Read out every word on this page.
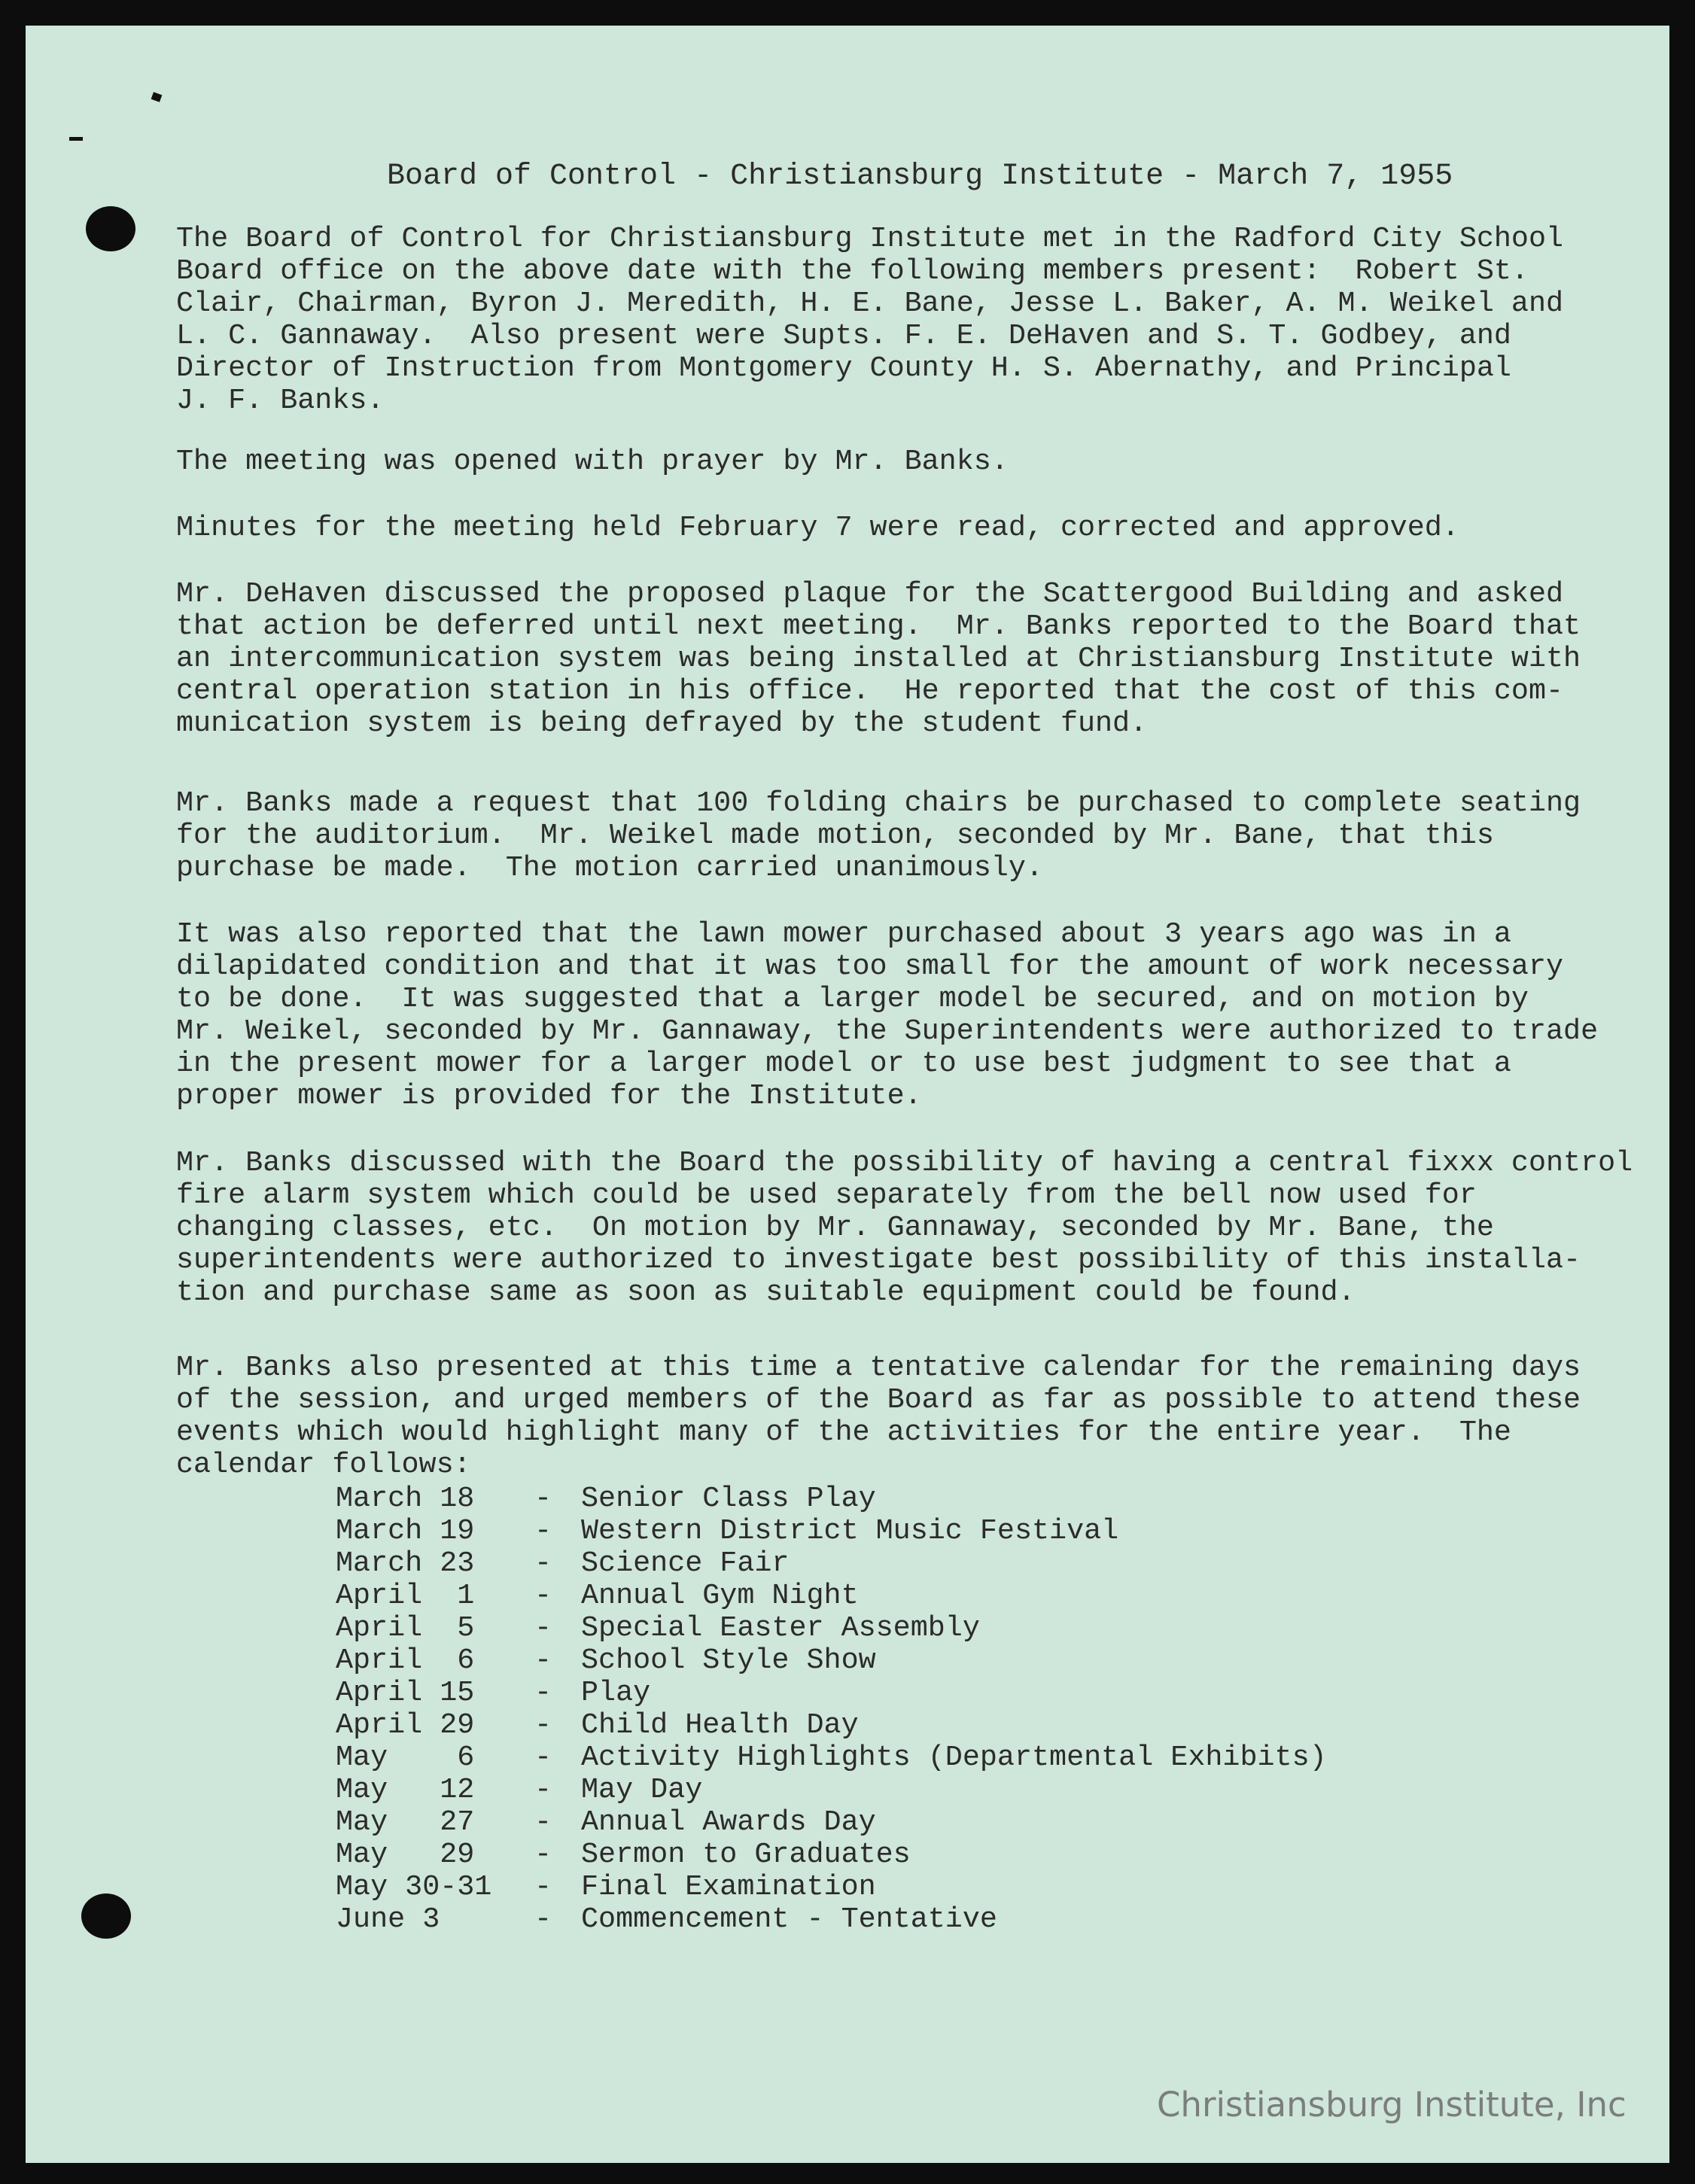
Board of Control - Christiansburg Institute - March 7, 1955
The Board of Control for Christiansburg Institute met in the Radford City School
Board office on the above date with the following members present:  Robert St.
Clair, Chairman, Byron J. Meredith, H. E. Bane, Jesse L. Baker, A. M. Weikel and
L. C. Gannaway.  Also present were Supts. F. E. DeHaven and S. T. Godbey, and
Director of Instruction from Montgomery County H. S. Abernathy, and Principal
J. F. Banks.
The meeting was opened with prayer by Mr. Banks.
Minutes for the meeting held February 7 were read, corrected and approved.
Mr. DeHaven discussed the proposed plaque for the Scattergood Building and asked
that action be deferred until next meeting.  Mr. Banks reported to the Board that
an intercommunication system was being installed at Christiansburg Institute with
central operation station in his office.  He reported that the cost of this com-
munication system is being defrayed by the student fund.
Mr. Banks made a request that 100 folding chairs be purchased to complete seating
for the auditorium.  Mr. Weikel made motion, seconded by Mr. Bane, that this
purchase be made.  The motion carried unanimously.
It was also reported that the lawn mower purchased about 3 years ago was in a
dilapidated condition and that it was too small for the amount of work necessary
to be done.  It was suggested that a larger model be secured, and on motion by
Mr. Weikel, seconded by Mr. Gannaway, the Superintendents were authorized to trade
in the present mower for a larger model or to use best judgment to see that a
proper mower is provided for the Institute.
Mr. Banks discussed with the Board the possibility of having a central fixxx control
fire alarm system which could be used separately from the bell now used for
changing classes, etc.  On motion by Mr. Gannaway, seconded by Mr. Bane, the
superintendents were authorized to investigate best possibility of this installa-
tion and purchase same as soon as suitable equipment could be found.
Mr. Banks also presented at this time a tentative calendar for the remaining days
of the session, and urged members of the Board as far as possible to attend these
events which would highlight many of the activities for the entire year.  The
calendar follows:
March 18	-	Senior Class Play
March 19	-	Western District Music Festival
March 23	-	Science Fair
April  1	-	Annual Gym Night
April  5	-	Special Easter Assembly
April  6	-	School Style Show
April 15	-	Play
April 29	-	Child Health Day
May    6	-	Activity Highlights (Departmental Exhibits)
May   12	-	May Day
May   27	-	Annual Awards Day
May   29	-	Sermon to Graduates
May 30-31	-	Final Examination
June 3	-	Commencement - Tentative
Christiansburg Institute, Inc
